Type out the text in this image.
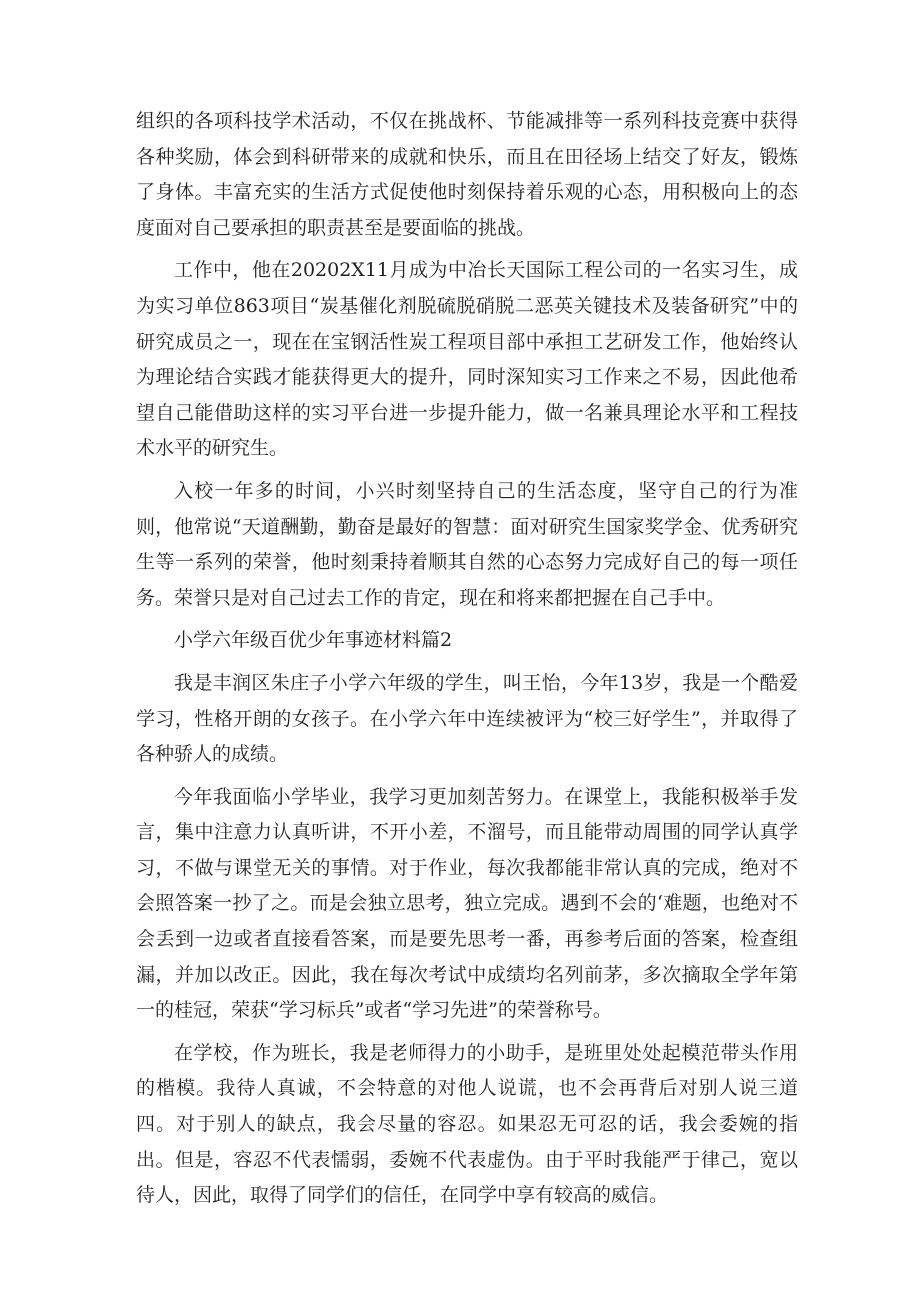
组织的各项科技学术活动，不仅在挑战杯、节能减排等一系列科技竞赛中获得各种奖励，体会到科研带来的成就和快乐，而且在田径场上结交了好友，锻炼了身体。丰富充实的生活方式促使他时刻保持着乐观的心态，用积极向上的态度面对自己要承担的职责甚至是要面临的挑战。

工作中，他在20202X11月成为中冶长天国际工程公司的一名实习生，成为实习单位863项目“炭基催化剂脱硫脱硝脱二恶英关键技术及装备研究”中的研究成员之一，现在在宝钢活性炭工程项目部中承担工艺研发工作，他始终认为理论结合实践才能获得更大的提升，同时深知实习工作来之不易，因此他希望自己能借助这样的实习平台进一步提升能力，做一名兼具理论水平和工程技术水平的研究生。

入校一年多的时间，小兴时刻坚持自己的生活态度，坚守自己的行为准则，他常说“天道酬勤，勤奋是最好的智慧：面对研究生国家奖学金、优秀研究生等一系列的荣誉，他时刻秉持着顺其自然的心态努力完成好自己的每一项任务。荣誉只是对自己过去工作的肯定，现在和将来都把握在自己手中。

小学六年级百优少年事迹材料篇2

我是丰润区朱庄子小学六年级的学生，叫王怡，今年13岁，我是一个酷爱学习，性格开朗的女孩子。在小学六年中连续被评为“校三好学生”，并取得了各种骄人的成绩。

今年我面临小学毕业，我学习更加刻苦努力。在课堂上，我能积极举手发言，集中注意力认真听讲，不开小差，不溜号，而且能带动周围的同学认真学习，不做与课堂无关的事情。对于作业，每次我都能非常认真的完成，绝对不会照答案一抄了之。而是会独立思考，独立完成。遇到不会的‘难题，也绝对不会丢到一边或者直接看答案，而是要先思考一番，再参考后面的答案，检查组漏，并加以改正。因此，我在每次考试中成绩均名列前茅，多次摘取全学年第一的桂冠，荣获“学习标兵”或者“学习先进”的荣誉称号。

在学校，作为班长，我是老师得力的小助手，是班里处处起模范带头作用的楷模。我待人真诚，不会特意的对他人说谎，也不会再背后对别人说三道四。对于别人的缺点，我会尽量的容忍。如果忍无可忍的话，我会委婉的指出。但是，容忍不代表懦弱，委婉不代表虚伪。由于平时我能严于律己，宽以待人，因此，取得了同学们的信任，在同学中享有较高的威信。
